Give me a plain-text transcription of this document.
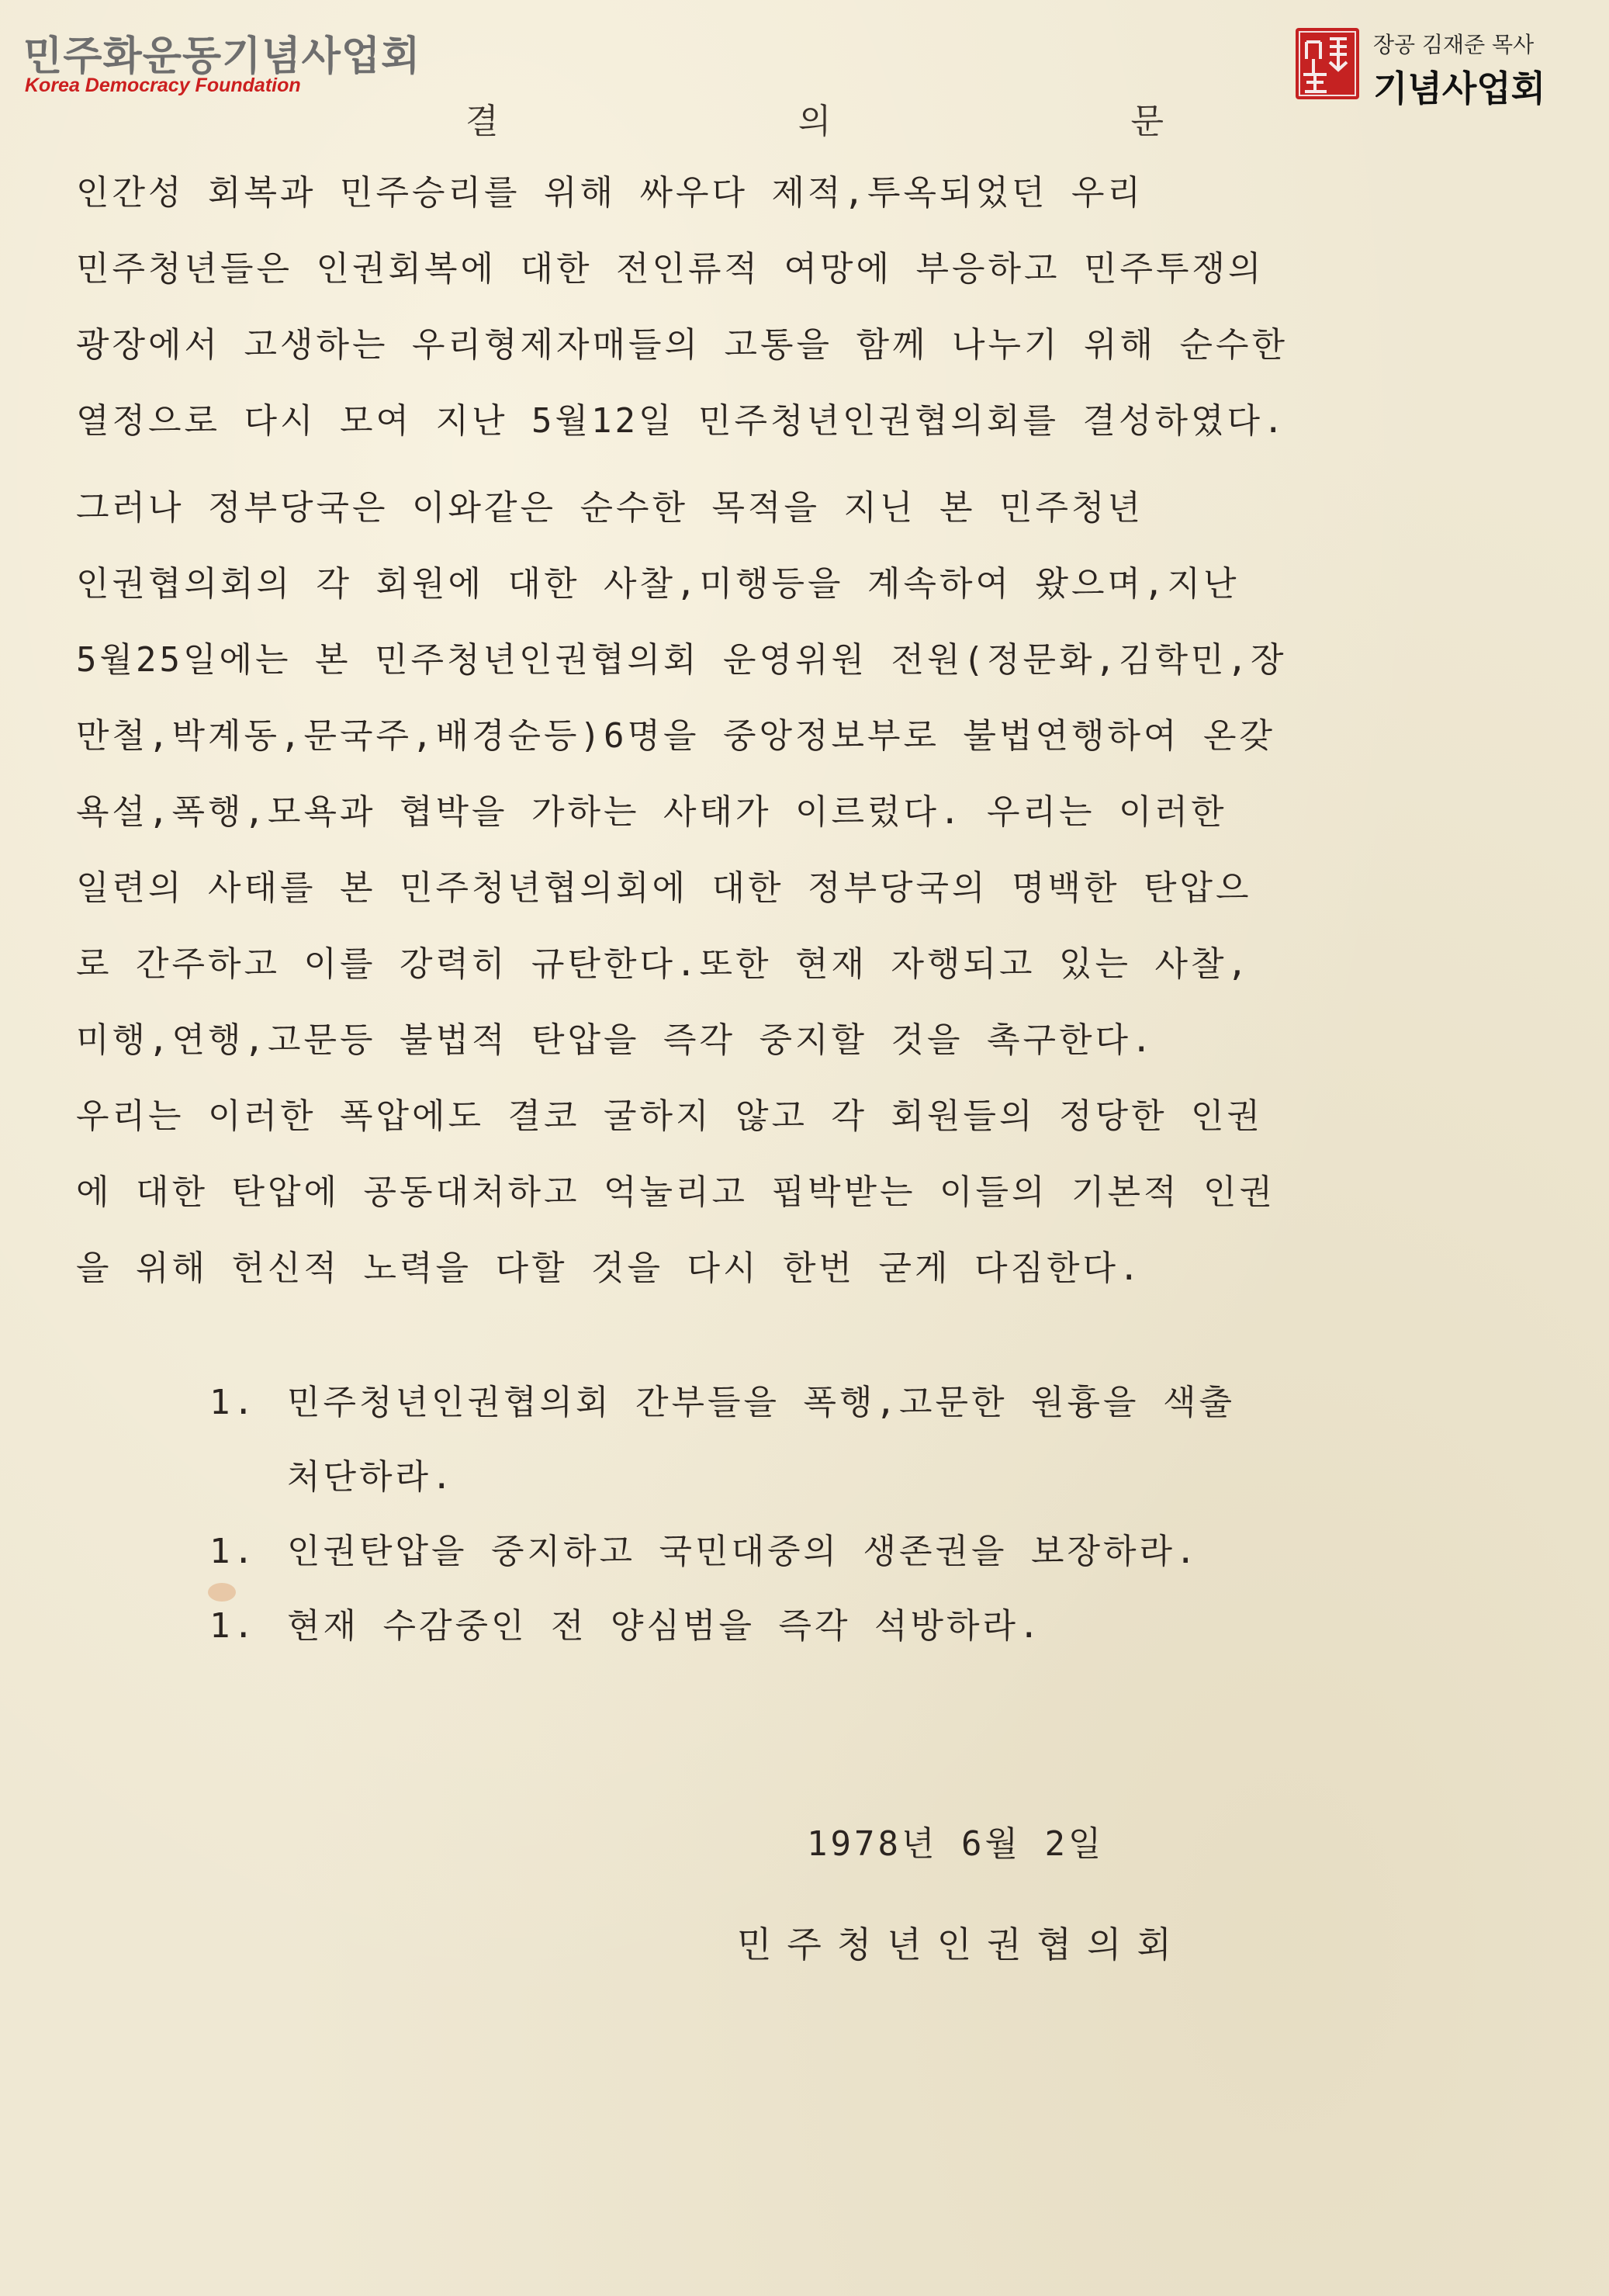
민주화운동기념사업회
Korea Democracy Foundation
장공 김재준 목사
기념사업회
결	의	문
인간성 회복과 민주승리를 위해 싸우다 제적,투옥되었던 우리
민주청년들은 인권회복에 대한 전인류적 여망에 부응하고 민주투쟁의
광장에서 고생하는 우리형제자매들의 고통을 함께 나누기 위해 순수한
열정으로 다시 모여 지난 5월12일 민주청년인권협의회를 결성하였다.
그러나 정부당국은 이와같은 순수한 목적을 지닌 본 민주청년
인권협의회의 각 회원에 대한 사찰,미행등을 계속하여 왔으며,지난
5월25일에는 본 민주청년인권협의회 운영위원 전원(정문화,김학민,장
만철,박계동,문국주,배경순등)6명을 중앙정보부로 불법연행하여 온갖
욕설,폭행,모욕과 협박을 가하는 사태가 이르렀다. 우리는 이러한
일련의 사태를 본 민주청년협의회에 대한 정부당국의 명백한 탄압으
로 간주하고 이를 강력히 규탄한다.또한 현재 자행되고 있는 사찰,
미행,연행,고문등 불법적 탄압을 즉각 중지할 것을 촉구한다.
우리는 이러한 폭압에도 결코 굴하지 않고 각 회원들의 정당한 인권
에 대한 탄압에 공동대처하고 억눌리고 핍박받는 이들의 기본적 인권
을 위해 헌신적 노력을 다할 것을 다시 한번 굳게 다짐한다.
1. 민주청년인권협의회 간부들을 폭행,고문한 원흉을 색출
처단하라.
1. 인권탄압을 중지하고 국민대중의 생존권을 보장하라.
1. 현재 수감중인 전 양심범을 즉각 석방하라.
1978년 6월 2일
민주청년인권협의회
